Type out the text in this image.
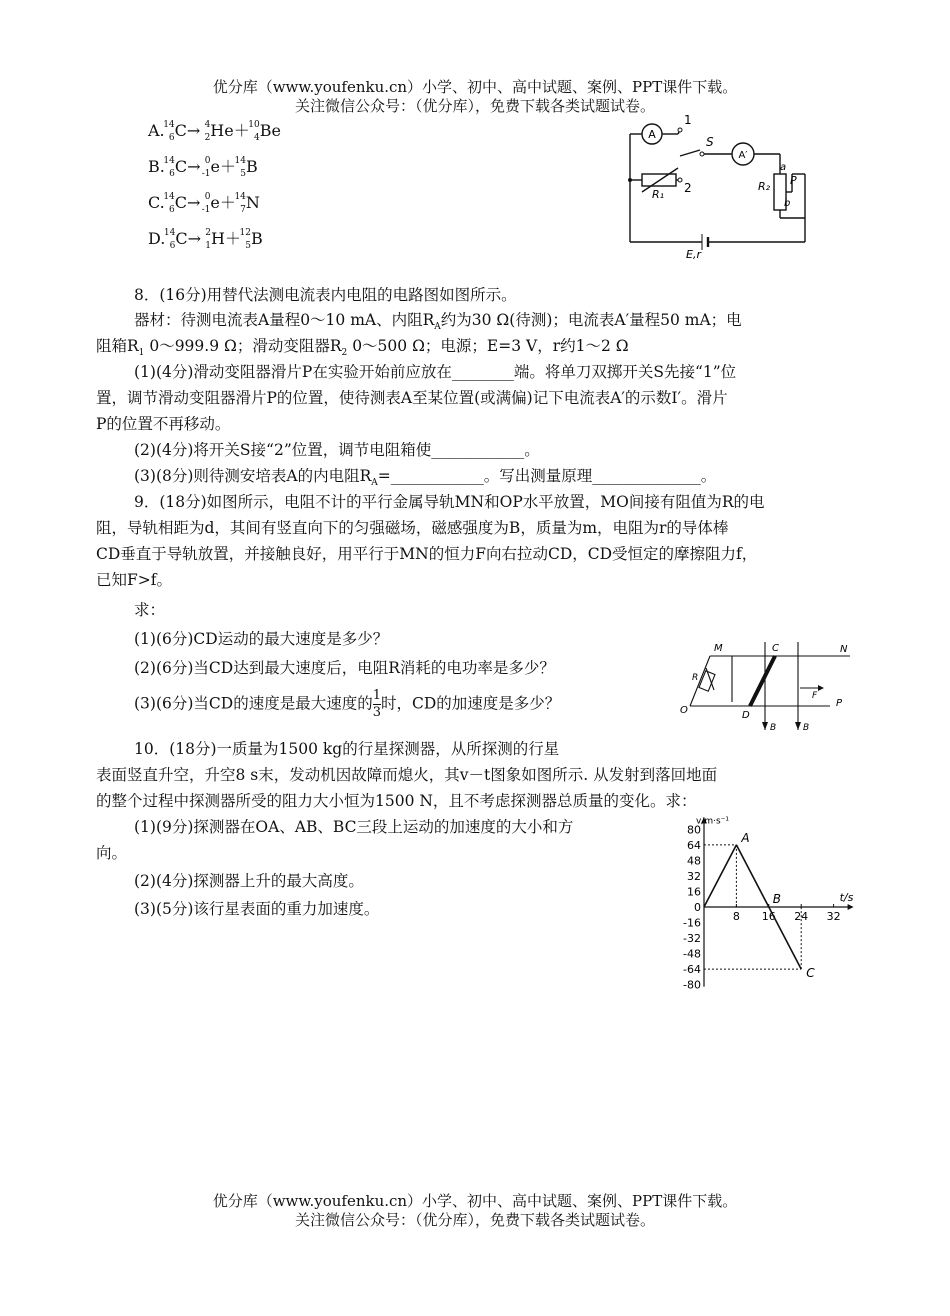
优分库（www.youfenku.cn）小学、初中、高中试题、案例、PPT课件下载。
关注微信公众号：（优分库），免费下载各类试题试卷。
A.
14
6 C→ 4
2 He＋
10
4 Be
B.
14
6 C→ 0
-1 e＋
14
5 B
C.
14
6 C→ 0
-1 e＋
14
7 N
D.
14
6 C→ 2
1 H＋
12
5 B
A
A′
1
2
S
R₁
R₂
a
b
P
E,r
8．(16分)用替代法测电流表内电阻的电路图如图所示。
器材：待测电流表A量程0～10 mA、内阻$R_A$约为30 Ω(待测)；电流表A′量程50 mA；电
阻箱$R_1$ 0～999.9 Ω；滑动变阻器$R_2$ 0～500 Ω；电源；E=3 V，r约1～2 Ω
(1)(4分)滑动变阻器滑片P在实验开始前应放在________端。将单刀双掷开关S先接“1”位
置，调节滑动变阻器滑片P的位置，使待测表A至某位置(或满偏)记下电流表A′的示数I′。滑片
P的位置不再移动。
(2)(4分)将开关S接“2”位置，调节电阻箱使____________。
(3)(8分)则待测安培表A的内电阻$R_A=\_\_\_\_\_\_\_\_\_\_\_\_$。写出测量原理______________。
9．(18分)如图所示，电阻不计的平行金属导轨MN和OP水平放置，MO间接有阻值为R的电
阻，导轨相距为d，其间有竖直向下的匀强磁场，磁感强度为B，质量为m，电阻为r的导体棒
CD垂直于导轨放置，并接触良好，用平行于MN的恒力F向右拉动CD，CD受恒定的摩擦阻力f，
已知F>f。
求：
(1)(6分)CD运动的最大速度是多少？
(2)(6分)当CD达到最大速度后，电阻R消耗的电功率是多少？
(3)(6分)当CD的速度是最大速度的 $\frac{1}{3}$ 时，CD的加速度是多少？
M	N
C
D
O
P
R
F
B	B
10．(18分)一质量为1500 kg的行星探测器，从所探测的行星
表面竖直升空，升空8 s末，发动机因故障而熄火，其v－t图象如图所示. 从发射到落回地面
的整个过程中探测器所受的阻力大小恒为1500 N，且不考虑探测器总质量的变化。求：
(1)(9分)探测器在OA、AB、BC三段上运动的加速度的大小和方
向。
(2)(4分)探测器上升的最大高度。
(3)(5分)该行星表面的重力加速度。
80
64
48
32
16
0
-16
-32
-48
-64
-80
8 16 24 32
v/m·s⁻¹
t/s
A
B
C
优分库（www.youfenku.cn）小学、初中、高中试题、案例、PPT课件下载。
关注微信公众号：（优分库），免费下载各类试题试卷。
